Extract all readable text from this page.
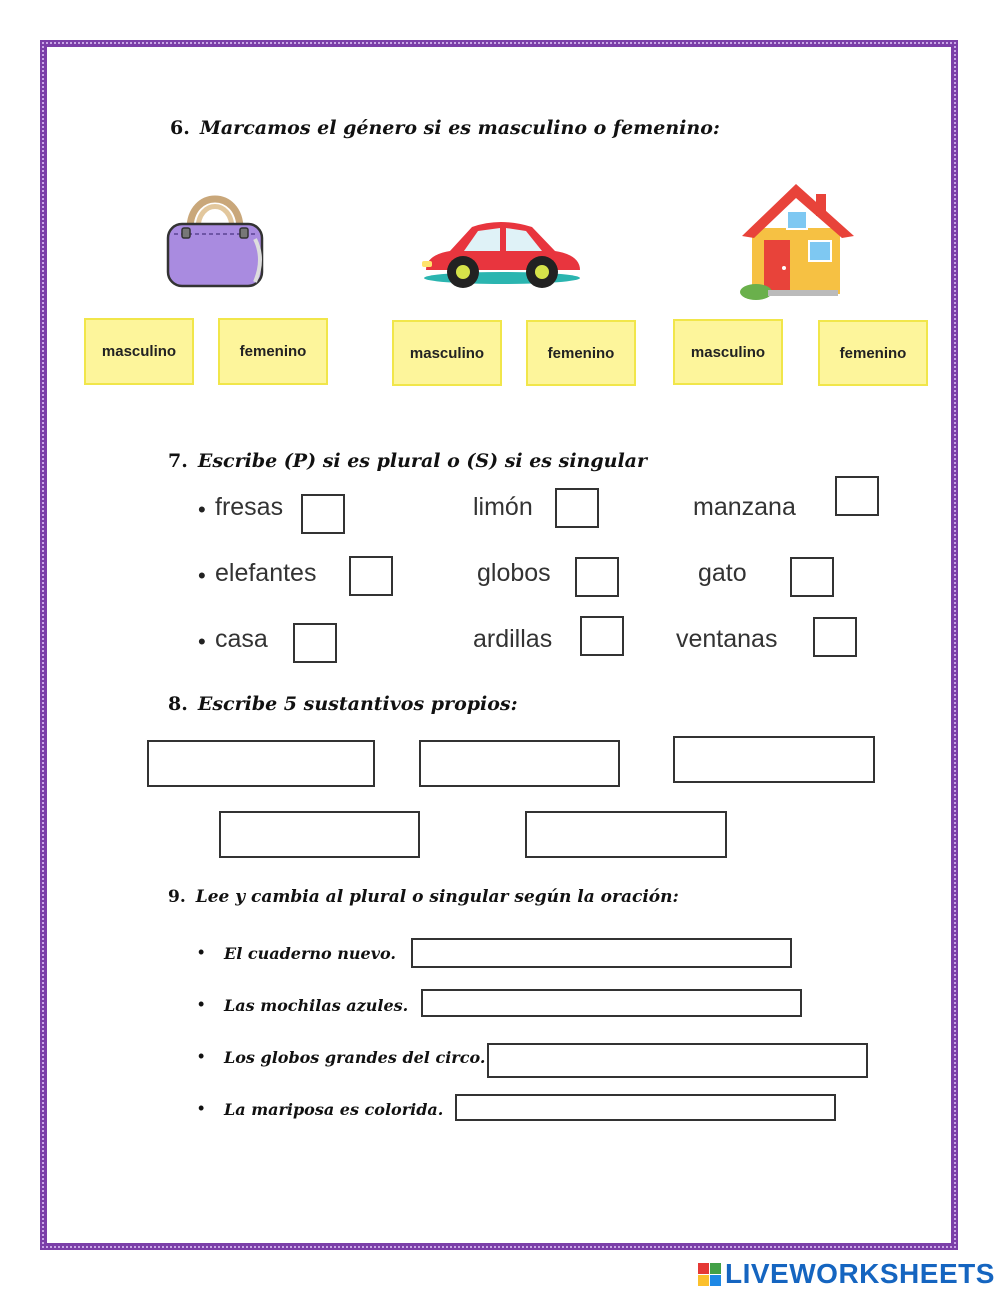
6. Marcamos el género si es masculino o femenino:
masculino	femenino	masculino	femenino	masculino	femenino
7. Escribe (P) si es plural o (S) si es singular
•
•
•
fresas	limón	manzana
elefantes	globos	gato
casa	ardillas	ventanas
8. Escribe 5 sustantivos propios:
9. Lee y cambia al plural o singular según la oración:
• El cuaderno nuevo.
• Las mochilas azules.
• Los globos grandes del circo.
• La mariposa es colorida.
LIVEWORKSHEETS
